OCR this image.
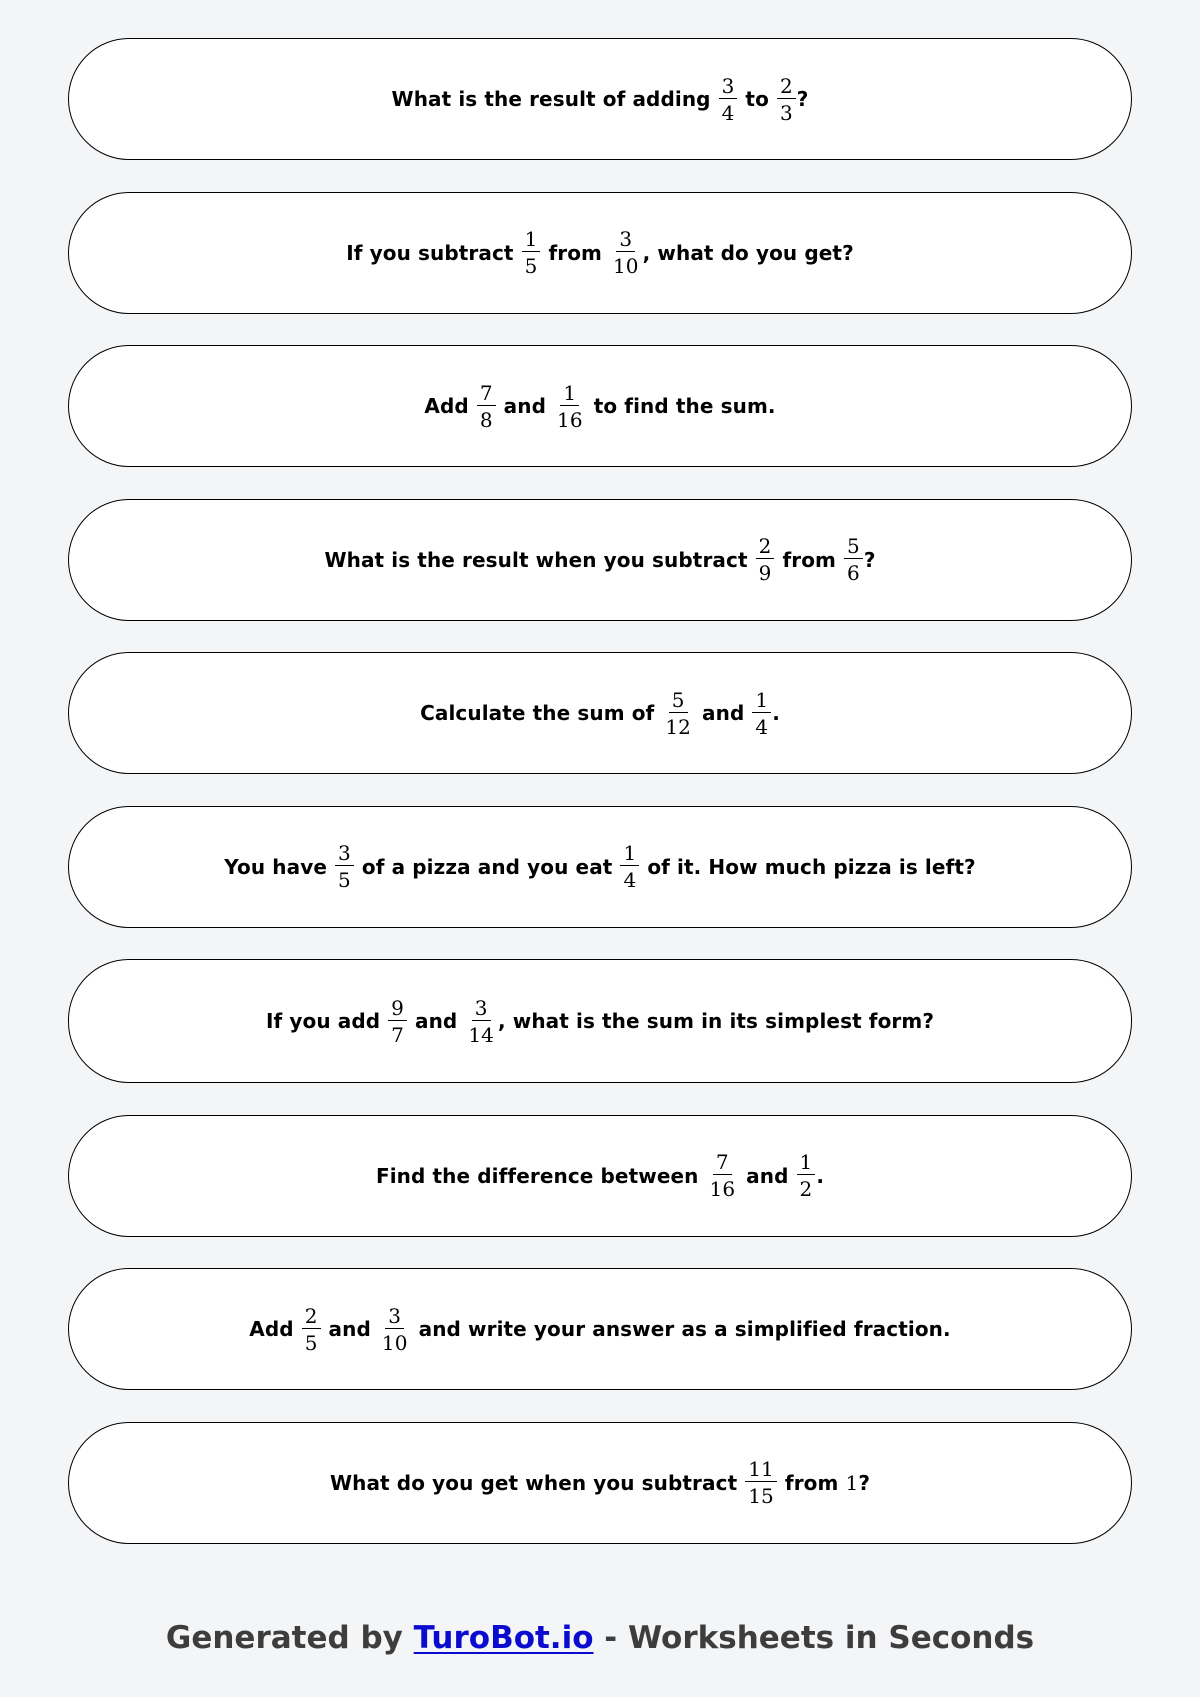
What is the result of adding $\frac{3}{4}$ to $\frac{2}{3}$ ?
If you subtract $\frac{1}{5}$ from $\frac{3}{10}$ , what do you get?
Add $\frac{7}{8}$ and $\frac{1}{16}$ to find the sum.
What is the result when you subtract $\frac{2}{9}$ from $\frac{5}{6}$ ?
Calculate the sum of $\frac{5}{12}$ and $\frac{1}{4}$ .
You have $\frac{3}{5}$ of a pizza and you eat $\frac{1}{4}$ of it. How much pizza is left?
If you add $\frac{9}{7}$ and $\frac{3}{14}$ , what is the sum in its simplest form?
Find the difference between $\frac{7}{16}$ and $\frac{1}{2}$ .
Add $\frac{2}{5}$ and $\frac{3}{10}$ and write your answer as a simplified fraction.
What do you get when you subtract $\frac{11}{15}$ from
1 ?
Generated by TuroBot.io - Worksheets in Seconds
